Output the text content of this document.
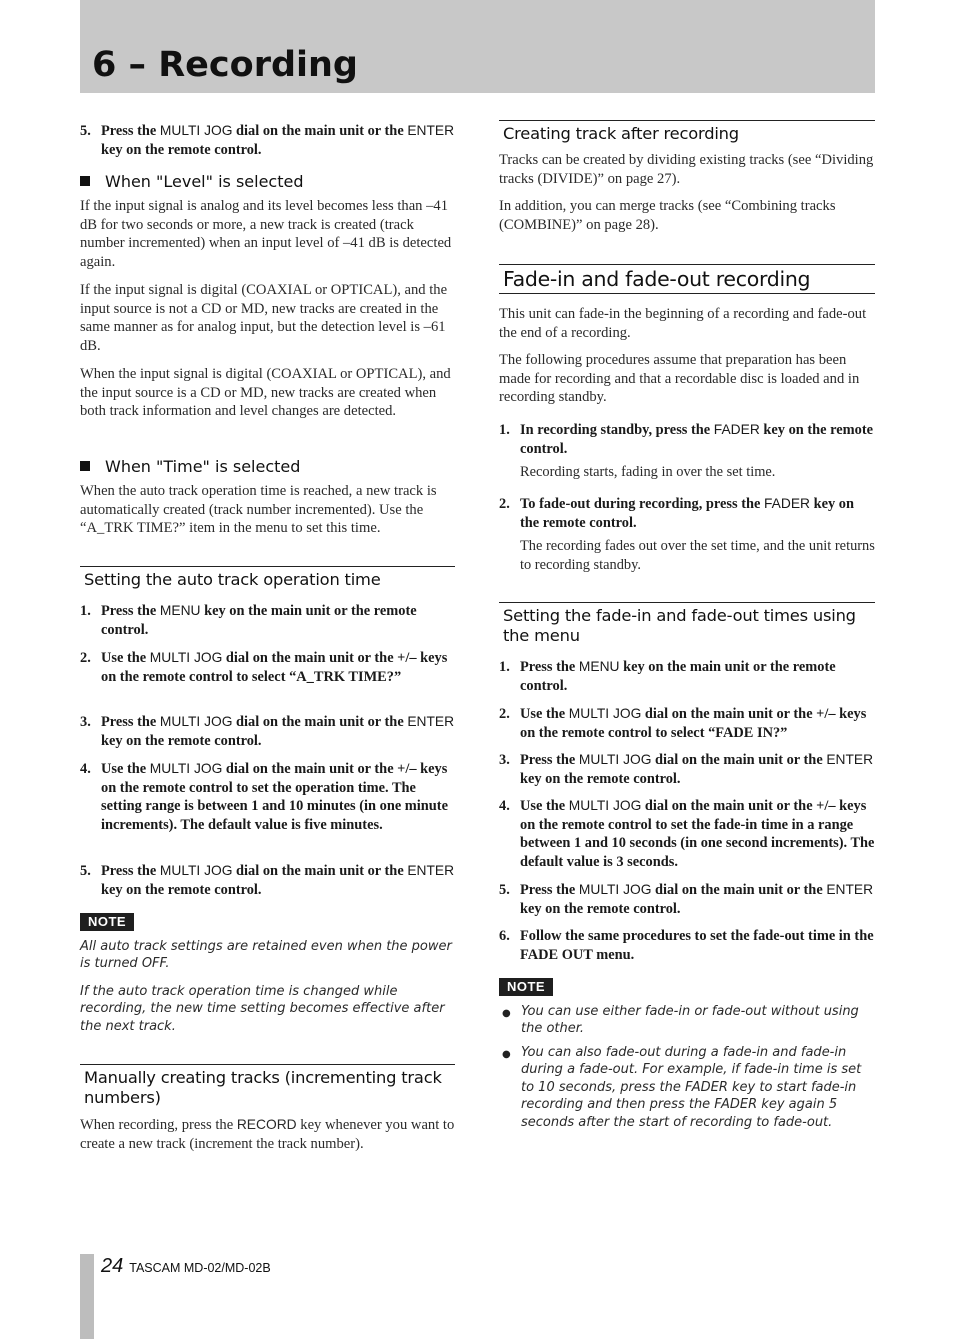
6 – Recording
5. Press the MULTI JOG dial on the main unit or the ENTER key on the remote control.
When "Level" is selected

If the input signal is analog and its level becomes less than –41 dB for two seconds or more, a new track is created (track number incremented) when an input level of –41 dB is detected again.

If the input signal is digital (COAXIAL or OPTICAL), and the input source is not a CD or MD, new tracks are created in the same manner as for analog input, but the detection level is –61 dB.

When the input signal is digital (COAXIAL or OPTICAL), and the input source is a CD or MD, new tracks are created when both track information and level changes are detected.

When "Time" is selected

When the auto track operation time is reached, a new track is automatically created (track number incremented). Use the “A_TRK TIME?” item in the menu to set this time.

Setting the auto track operation time
1. Press the MENU key on the main unit or the remote control.
2. Use the MULTI JOG dial on the main unit or the +/– keys on the remote control to select “A_TRK TIME?”
3. Press the MULTI JOG dial on the main unit or the ENTER key on the remote control.
4. Use the MULTI JOG dial on the main unit or the +/– keys on the remote control to set the operation time. The setting range is between 1 and 10 minutes (in one minute increments). The default value is five minutes.
5. Press the MULTI JOG dial on the main unit or the ENTER key on the remote control.
NOTE

All auto track settings are retained even when the power is turned OFF.

If the auto track operation time is changed while recording, the new time setting becomes effective after the next track.

Manually creating tracks (incrementing track numbers)

When recording, press the RECORD key whenever you want to create a new track (increment the track number).

Creating track after recording

Tracks can be created by dividing existing tracks (see “Dividing tracks (DIVIDE)” on page 27).

In addition, you can merge tracks (see “Combining tracks (COMBINE)” on page 28).

Fade-in and fade-out recording

This unit can fade-in the beginning of a recording and fade-out the end of a recording.

The following procedures assume that preparation has been made for recording and that a recordable disc is loaded and in recording standby.

1. In recording standby, press the FADER key on the remote control.
Recording starts, fading in over the set time.
2. To fade-out during recording, press the FADER key on the remote control.
The recording fades out over the set time, and the unit returns to recording standby.
Setting the fade-in and fade-out times using the menu
1. Press the MENU key on the main unit or the remote control.
2. Use the MULTI JOG dial on the main unit or the +/– keys on the remote control to select “FADE IN?”
3. Press the MULTI JOG dial on the main unit or the ENTER key on the remote control.
4. Use the MULTI JOG dial on the main unit or the +/– keys on the remote control to set the fade-in time in a range between 1 and 10 seconds (in one second increments). The default value is 3 seconds.
5. Press the MULTI JOG dial on the main unit or the ENTER key on the remote control.
6. Follow the same procedures to set the fade-out time in the FADE OUT menu.
NOTE
● You can use either fade-in or fade-out without using the other.

● You can also fade-out during a fade-in and fade-in during a fade-out. For example, if fade-in time is set to 10 seconds, press the FADER key to start fade-in recording and then press the FADER key again 5 seconds after the start of recording to fade-out.

24 TASCAM MD-02/MD-02B
